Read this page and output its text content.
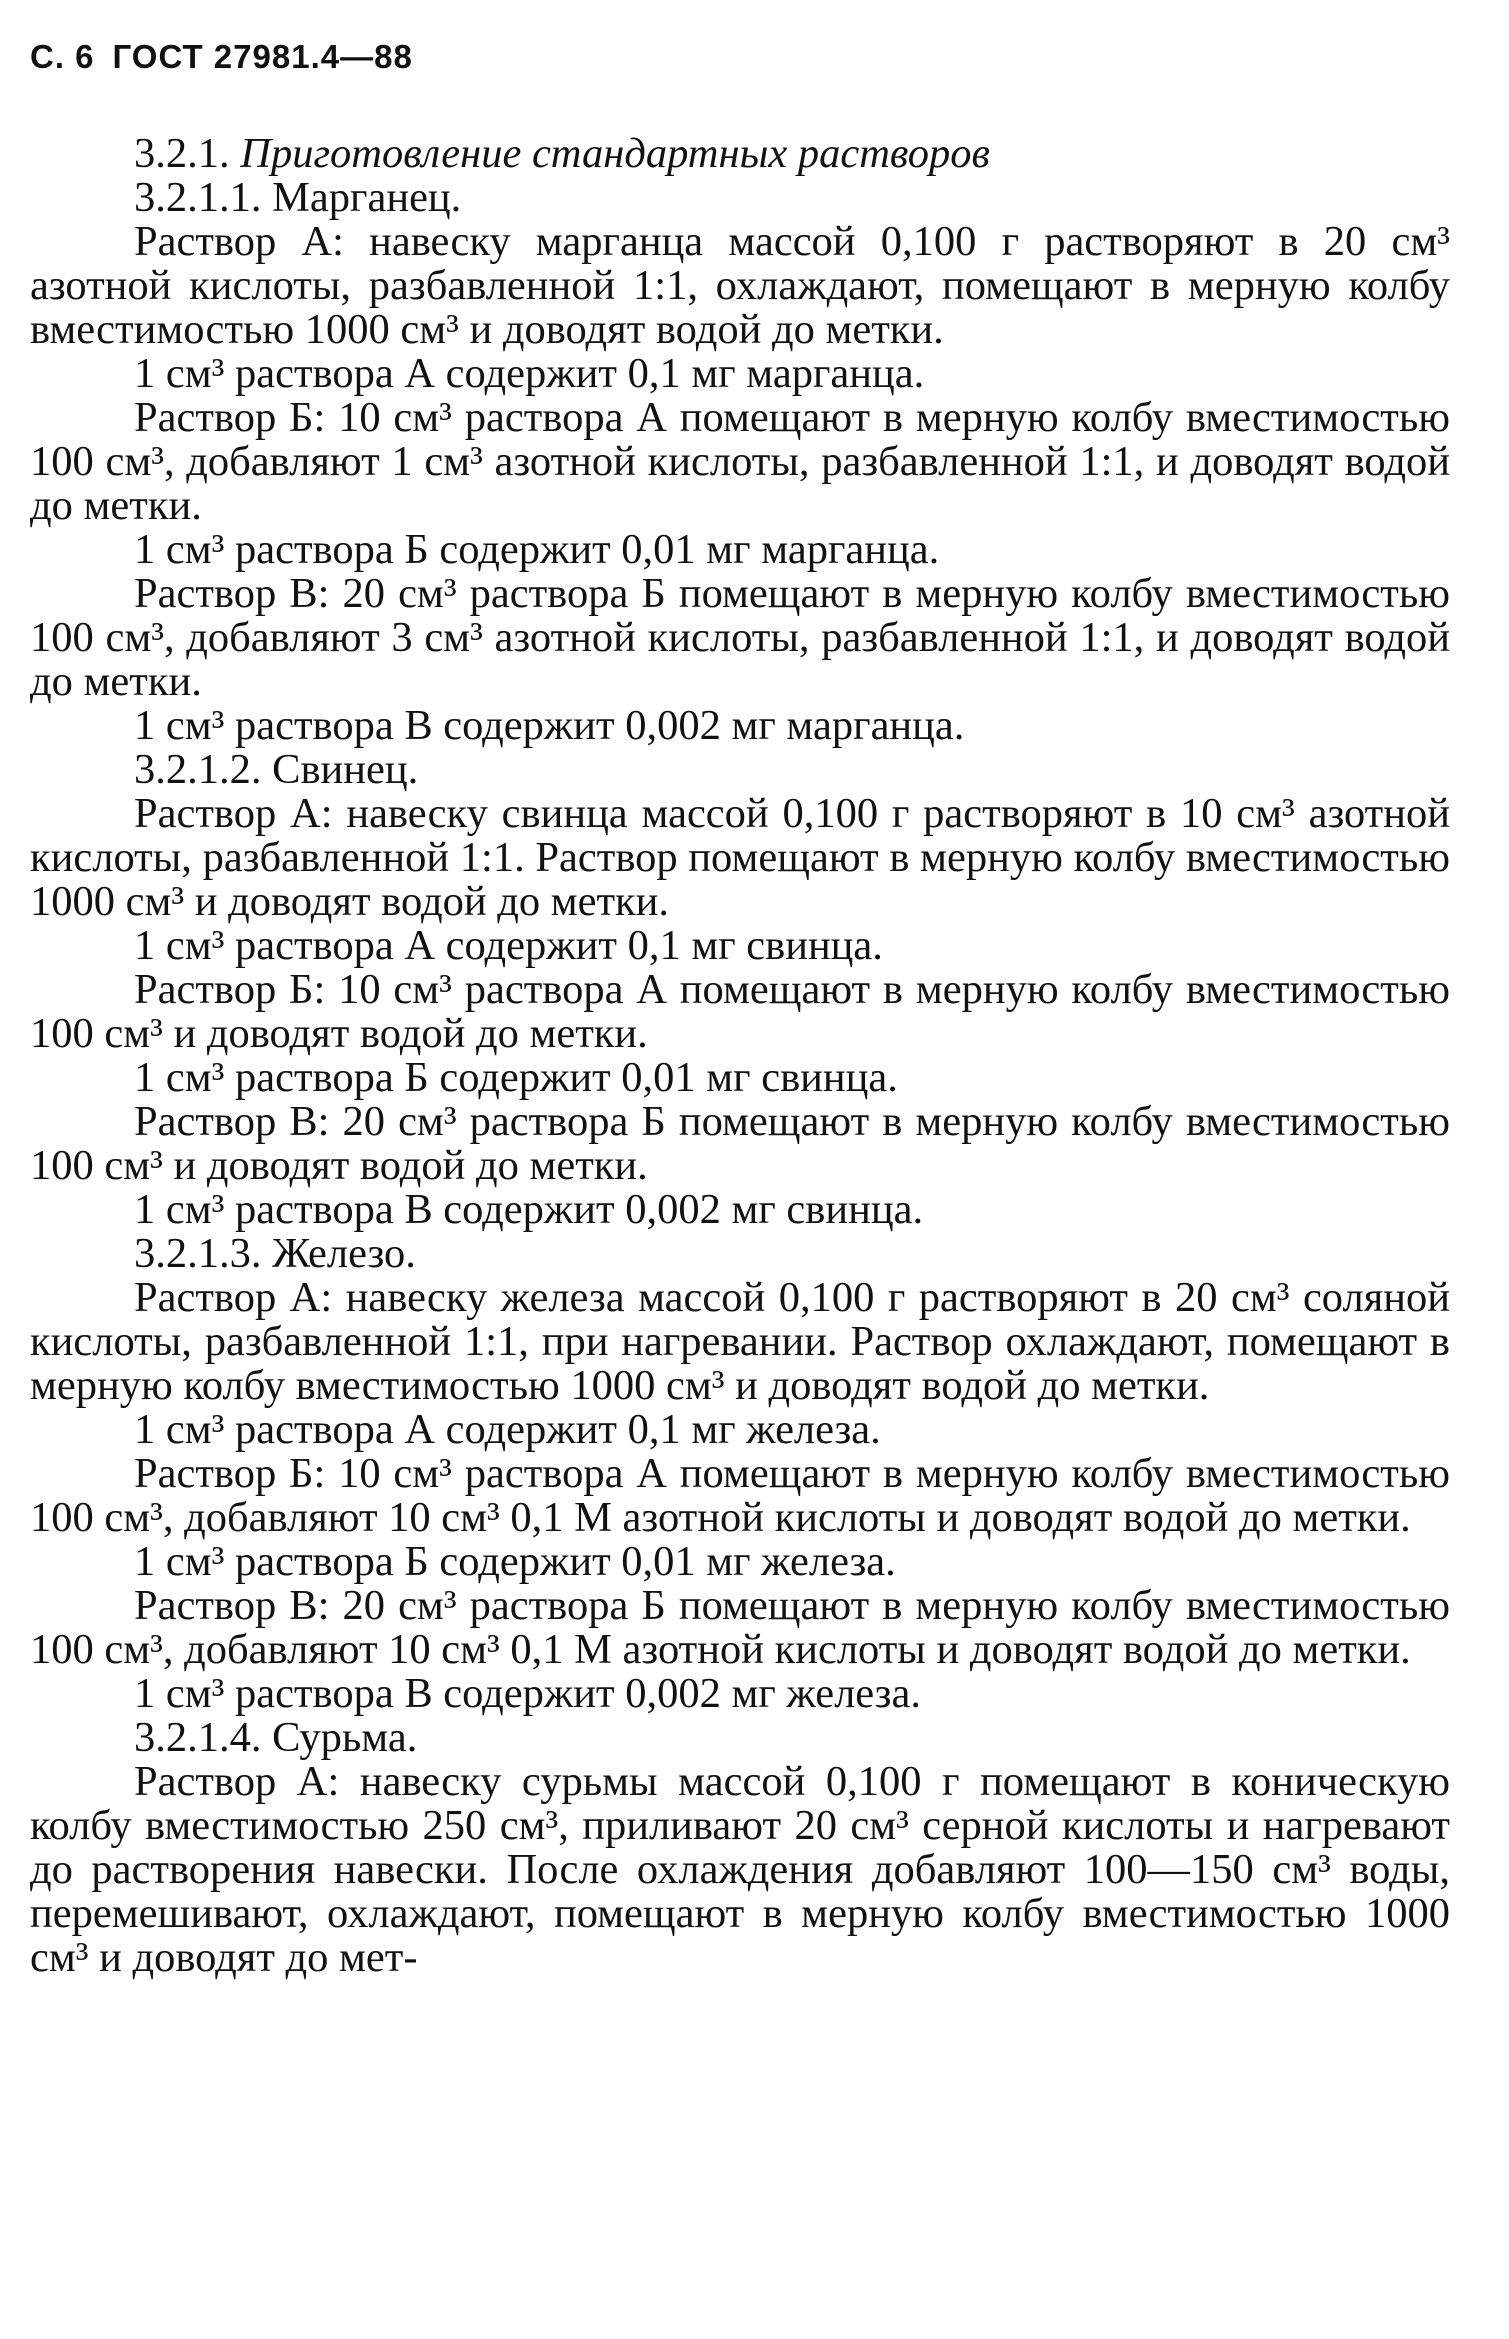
С. 6 ГОСТ 27981.4—88

3.2.1. Приготовление стандартных растворов

3.2.1.1. Марганец.

Раствор А: навеску марганца массой 0,100 г растворяют в 20 см³ азотной кислоты, разбавленной 1:1, охлаждают, помещают в мерную колбу вместимостью 1000 см³ и доводят водой до метки.

1 см³ раствора А содержит 0,1 мг марганца.

Раствор Б: 10 см³ раствора А помещают в мерную колбу вместимостью 100 см³, добавляют 1 см³ азотной кислоты, разбавленной 1:1, и доводят водой до метки.

1 см³ раствора Б содержит 0,01 мг марганца.

Раствор В: 20 см³ раствора Б помещают в мерную колбу вместимостью 100 см³, добавляют 3 см³ азотной кислоты, разбавленной 1:1, и доводят водой до метки.

1 см³ раствора В содержит 0,002 мг марганца.

3.2.1.2. Свинец.

Раствор А: навеску свинца массой 0,100 г растворяют в 10 см³ азотной кислоты, разбавленной 1:1. Раствор помещают в мерную колбу вместимостью 1000 см³ и доводят водой до метки.

1 см³ раствора А содержит 0,1 мг свинца.

Раствор Б: 10 см³ раствора А помещают в мерную колбу вместимостью 100 см³ и доводят водой до метки.

1 см³ раствора Б содержит 0,01 мг свинца.

Раствор В: 20 см³ раствора Б помещают в мерную колбу вместимостью 100 см³ и доводят водой до метки.

1 см³ раствора В содержит 0,002 мг свинца.

3.2.1.3. Железо.

Раствор А: навеску железа массой 0,100 г растворяют в 20 см³ соляной кислоты, разбавленной 1:1, при нагревании. Раствор охлаждают, помещают в мерную колбу вместимостью 1000 см³ и доводят водой до метки.

1 см³ раствора А содержит 0,1 мг железа.

Раствор Б: 10 см³ раствора А помещают в мерную колбу вместимостью 100 см³, добавляют 10 см³ 0,1 М азотной кислоты и доводят водой до метки.

1 см³ раствора Б содержит 0,01 мг железа.

Раствор В: 20 см³ раствора Б помещают в мерную колбу вместимостью 100 см³, добавляют 10 см³ 0,1 М азотной кислоты и доводят водой до метки.

1 см³ раствора В содержит 0,002 мг железа.

3.2.1.4. Сурьма.

Раствор А: навеску сурьмы массой 0,100 г помещают в коническую колбу вместимостью 250 см³, приливают 20 см³ серной кислоты и нагревают до растворения навески. После охлаждения добавляют 100—150 см³ воды, перемешивают, охлаждают, помещают в мерную колбу вместимостью 1000 см³ и доводят до мет-
